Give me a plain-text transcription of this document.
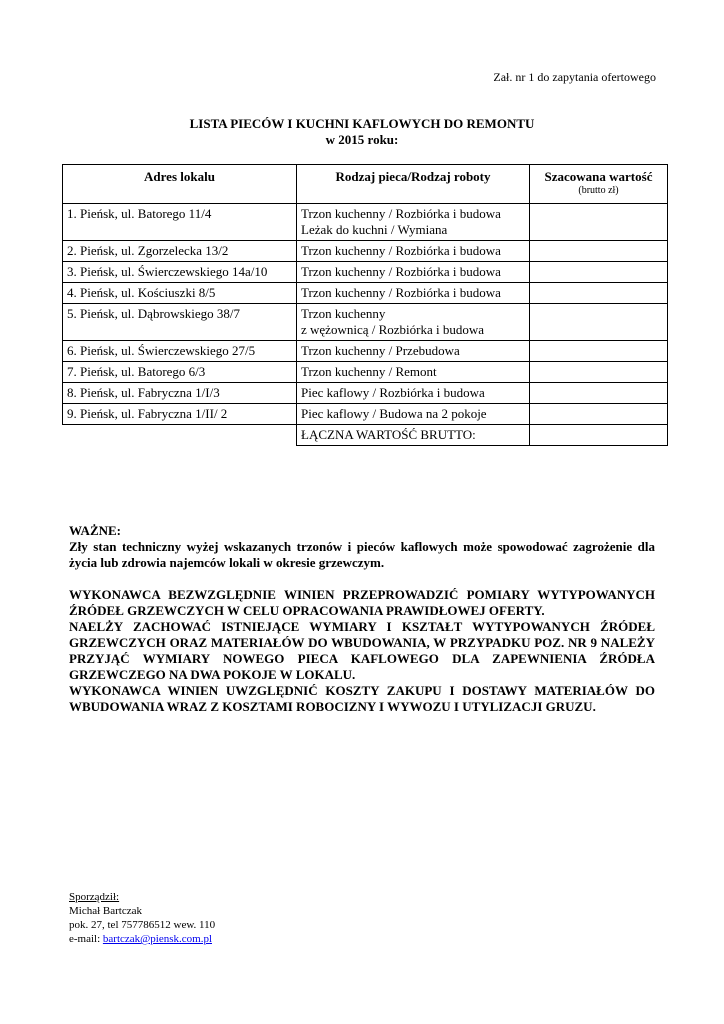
Zał. nr 1 do zapytania ofertowego
LISTA PIECÓW I KUCHNI KAFLOWYCH DO REMONTU
w 2015 roku:
Adres lokalu	Rodzaj pieca/Rodzaj roboty	Szacowana wartość
(brutto zł)

1. Pieńsk, ul. Batorego 11/4	Trzon kuchenny / Rozbiórka i budowa
Leżak do kuchni / Wymiana	

2. Pieńsk, ul. Zgorzelecka 13/2	Trzon kuchenny / Rozbiórka i budowa	

3. Pieńsk, ul. Świerczewskiego 14a/10	Trzon kuchenny / Rozbiórka i budowa	

4. Pieńsk, ul. Kościuszki 8/5	Trzon kuchenny / Rozbiórka i budowa	

5. Pieńsk, ul. Dąbrowskiego 38/7	Trzon kuchenny
z wężownicą / Rozbiórka i budowa	

6. Pieńsk, ul. Świerczewskiego 27/5	Trzon kuchenny / Przebudowa	

7. Pieńsk, ul. Batorego 6/3	Trzon kuchenny / Remont	

8. Pieńsk, ul. Fabryczna 1/I/3	Piec kaflowy / Rozbiórka i budowa	

9. Pieńsk, ul. Fabryczna 1/II/ 2	Piec kaflowy / Budowa na 2 pokoje	

	ŁĄCZNA WARTOŚĆ BRUTTO:	

WAŻNE:

Zły stan techniczny wyżej wskazanych trzonów i pieców kaflowych może spowodować zagrożenie dla życia lub zdrowia najemców lokali w okresie grzewczym.

WYKONAWCA BEZWZGLĘDNIE WINIEN PRZEPROWADZIĆ POMIARY WYTYPOWANYCH ŹRÓDEŁ GRZEWCZYCH W CELU OPRACOWANIA PRAWIDŁOWEJ OFERTY.

NAELŻY ZACHOWAĆ ISTNIEJĄCE WYMIARY I KSZTAŁT WYTYPOWANYCH ŹRÓDEŁ GRZEWCZYCH ORAZ MATERIAŁÓW DO WBUDOWANIA, W PRZYPADKU POZ. NR 9 NALEŻY PRZYJĄĆ WYMIARY NOWEGO PIECA KAFLOWEGO DLA ZAPEWNIENIA ŹRÓDŁA GRZEWCZEGO NA DWA POKOJE W LOKALU.

WYKONAWCA WINIEN UWZGLĘDNIĆ KOSZTY ZAKUPU I DOSTAWY MATERIAŁÓW DO WBUDOWANIA WRAZ Z KOSZTAMI ROBOCIZNY I WYWOZU I UTYLIZACJI GRUZU.

Sporządził:
Michał Bartczak
pok. 27, tel 757786512 wew. 110
e-mail: bartczak@piensk.com.pl
